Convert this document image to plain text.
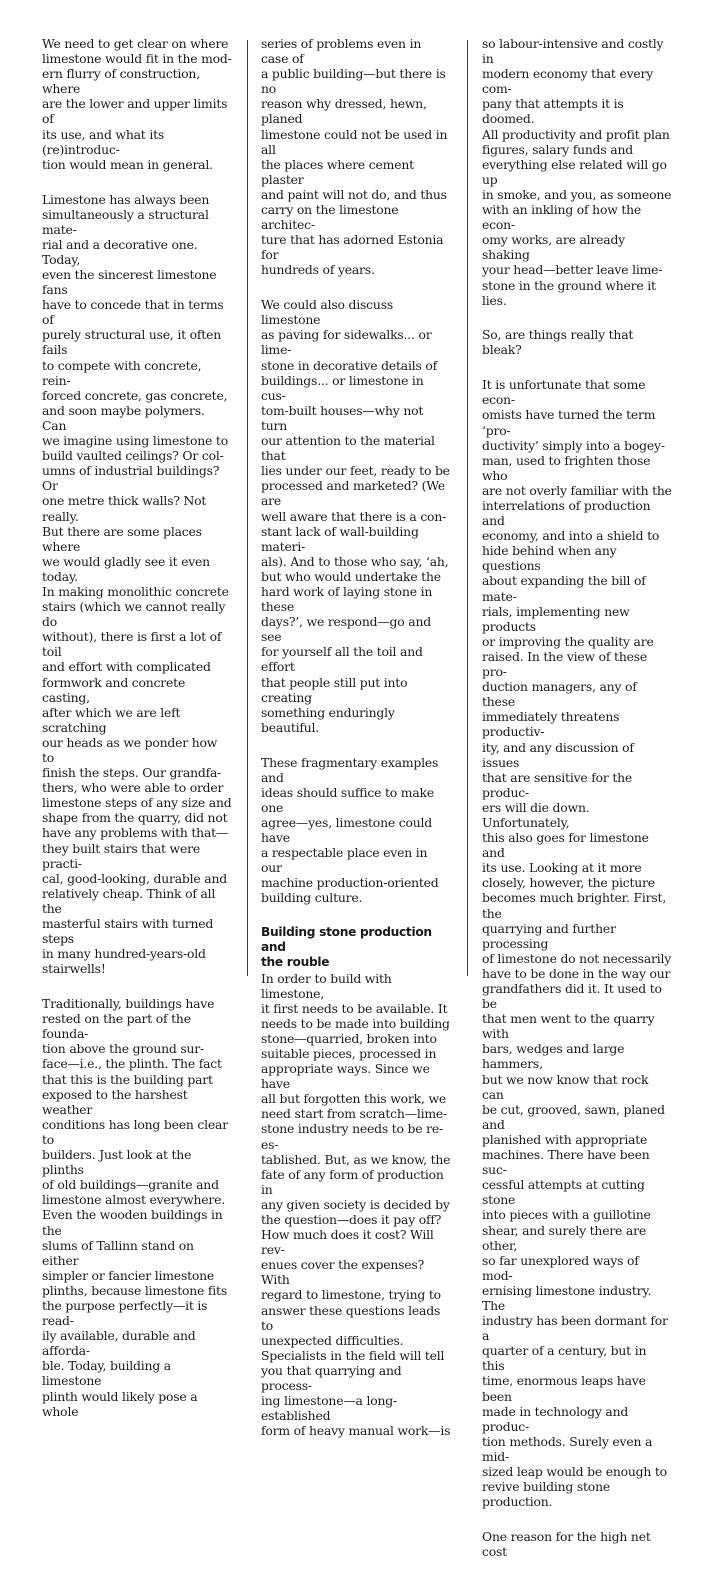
We need to get clear on where
limestone would fit in the mod-
ern flurry of construction, where
are the lower and upper limits of
its use, and what its (re)introduc-
tion would mean in general.

Limestone has always been
simultaneously a structural mate-
rial and a decorative one. Today,
even the sincerest limestone fans
have to concede that in terms of
purely structural use, it often fails
to compete with concrete, rein-
forced concrete, gas concrete,
and soon maybe polymers. Can
we imagine using limestone to
build vaulted ceilings? Or col-
umns of industrial buildings? Or
one metre thick walls? Not really.
But there are some places where
we would gladly see it even today.
In making monolithic concrete
stairs (which we cannot really do
without), there is first a lot of toil
and effort with complicated
formwork and concrete casting,
after which we are left scratching
our heads as we ponder how to
finish the steps. Our grandfa-
thers, who were able to order
limestone steps of any size and
shape from the quarry, did not
have any problems with that—
they built stairs that were practi-
cal, good-looking, durable and
relatively cheap. Think of all the
masterful stairs with turned steps
in many hundred-years-old
stairwells!

Traditionally, buildings have
rested on the part of the founda-
tion above the ground sur-
face—i.e., the plinth. The fact
that this is the building part
exposed to the harshest weather
conditions has long been clear to
builders. Just look at the plinths
of old buildings—granite and
limestone almost everywhere.
Even the wooden buildings in the
slums of Tallinn stand on either
simpler or fancier limestone
plinths, because limestone fits
the purpose perfectly—it is read-
ily available, durable and afforda-
ble. Today, building a limestone
plinth would likely pose a whole

series of problems even in case of
a public building—but there is no
reason why dressed, hewn, planed
limestone could not be used in all
the places where cement plaster
and paint will not do, and thus
carry on the limestone architec-
ture that has adorned Estonia for
hundreds of years.

We could also discuss limestone
as paving for sidewalks... or lime-
stone in decorative details of
buildings... or limestone in cus-
tom-built houses—why not turn
our attention to the material that
lies under our feet, ready to be
processed and marketed? (We are
well aware that there is a con-
stant lack of wall-building materi-
als). And to those who say, ‘ah,
but who would undertake the
hard work of laying stone in these
days?’, we respond—go and see
for yourself all the toil and effort
that people still put into creating
something enduringly beautiful.

These fragmentary examples and
ideas should suffice to make one
agree—yes, limestone could have
a respectable place even in our
machine production-oriented
building culture.

Building stone production and
the rouble

In order to build with limestone,
it first needs to be available. It
needs to be made into building
stone—quarried, broken into
suitable pieces, processed in
appropriate ways. Since we have
all but forgotten this work, we
need start from scratch—lime-
stone industry needs to be re-es-
tablished. But, as we know, the
fate of any form of production in
any given society is decided by
the question—does it pay off?
How much does it cost? Will rev-
enues cover the expenses? With
regard to limestone, trying to
answer these questions leads to
unexpected difficulties.
Specialists in the field will tell
you that quarrying and process-
ing limestone—a long-established
form of heavy manual work—is

so labour-intensive and costly in
modern economy that every com-
pany that attempts it is doomed.
All productivity and profit plan
figures, salary funds and
everything else related will go up
in smoke, and you, as someone
with an inkling of how the econ-
omy works, are already shaking
your head—better leave lime-
stone in the ground where it lies.

So, are things really that bleak?

It is unfortunate that some econ-
omists have turned the term ‘pro-
ductivity’ simply into a bogey-
man, used to frighten those who
are not overly familiar with the
interrelations of production and
economy, and into a shield to
hide behind when any questions
about expanding the bill of mate-
rials, implementing new products
or improving the quality are
raised. In the view of these pro-
duction managers, any of these
immediately threatens productiv-
ity, and any discussion of issues
that are sensitive for the produc-
ers will die down. Unfortunately,
this also goes for limestone and
its use. Looking at it more
closely, however, the picture
becomes much brighter. First, the
quarrying and further processing
of limestone do not necessarily
have to be done in the way our
grandfathers did it. It used to be
that men went to the quarry with
bars, wedges and large hammers,
but we now know that rock can
be cut, grooved, sawn, planed and
planished with appropriate
machines. There have been suc-
cessful attempts at cutting stone
into pieces with a guillotine
shear, and surely there are other,
so far unexplored ways of mod-
ernising limestone industry. The
industry has been dormant for a
quarter of a century, but in this
time, enormous leaps have been
made in technology and produc-
tion methods. Surely even a mid-
sized leap would be enough to
revive building stone production.

One reason for the high net cost
